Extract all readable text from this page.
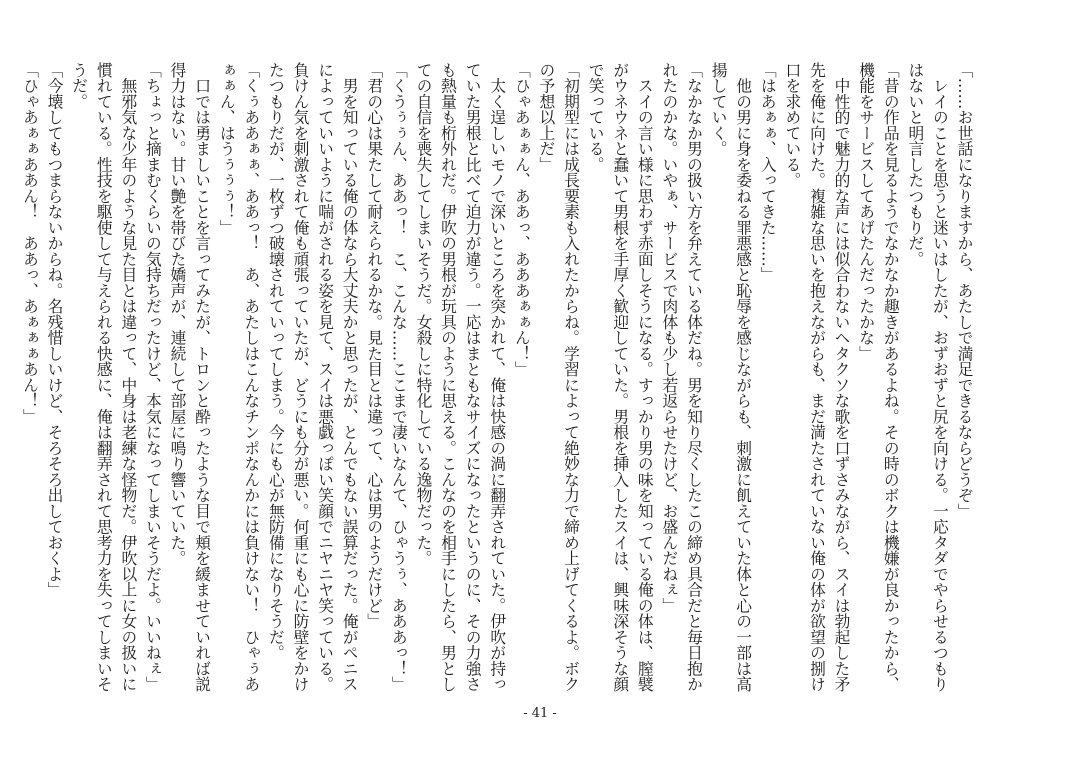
「……お世話になりますから、あたしで満足できるならどうぞ」

　レイのことを思うと迷いはしたが、おずおずと尻を向ける。一応タダでやらせるつもりはないと明言したつもりだ。

「昔の作品を見るようでなかなか趣きがあるよね。その時のボクは機嫌が良かったから、機能をサービスしてあげたんだったかな」

　中性的で魅力的な声には似合わないヘタクソな歌を口ずさみながら、スイは勃起した矛先を俺に向けた。複雑な思いを抱えながらも、まだ満たされていない俺の体が欲望の捌け口を求めている。

「はあぁぁ、入ってきた……」

　他の男に身を委ねる罪悪感と恥辱を感じながらも、刺激に飢えていた体と心の一部は高揚していく。

「なかなか男の扱い方を弁えている体だね。男を知り尽くしたこの締め具合だと毎日抱かれたのかな。いやぁ、サービスで肉体も少し若返らせたけど、お盛んだねぇ」

　スイの言い様に思わず赤面しそうになる。すっかり男の味を知っている俺の体は、膣襞がウネウネと蠢いて男根を手厚く歓迎していた。男根を挿入したスイは、興味深そうな顔で笑っている。

「初期型には成長要素も入れたからね。学習によって絶妙な力で締め上げてくるよ。ボクの予想以上だ」

「ひゃあぁぁん、ああっ、あああぁぁん！」

　太く逞しいモノで深いところを突かれて、俺は快感の渦に翻弄されていた。伊吹が持っていた男根と比べて迫力が違う。一応はまともなサイズになったというのに、その力強さも熱量も桁外れだ。伊吹の男根が玩具のように思える。こんなのを相手にしたら、男としての自信を喪失してしまいそうだ。女殺しに特化している逸物だった。

「くうぅぅん、ああっ！　こ、こんな……ここまで凄いなんて、ひゃうぅ、あああっ！」

「君の心は果たして耐えられるかな。見た目とは違って、心は男のようだけど」

　男を知っている俺の体なら大丈夫かと思ったが、とんでもない誤算だった。俺がペニスによっていいように喘がされる姿を見て、スイは悪戯っぽい笑顔でニヤニヤ笑っている。負けん気を刺激されて俺も頑張っていたが、どうにも分が悪い。何重にも心に防壁をかけたつもりだが、一枚ずつ破壊されていってしまう。今にも心が無防備になりそうだ。

「くぅああぁぁ、ああっ！　あ、あたしはこんなチンポなんかには負けない！　ひゃぅあぁぁん、はうぅぅぅ！」

　口では勇ましいことを言ってみたが、トロンと酔ったような目で頬を緩ませていれば説得力はない。甘い艶を帯びた嬌声が、連続して部屋に鳴り響いていた。

「ちょっと摘まむくらいの気持ちだったけど、本気になってしまいそうだよ。いいねぇ」

　無邪気な少年のような見た目とは違って、中身は老練な怪物だ。伊吹以上に女の扱いに慣れている。性技を駆使して与えられる快感に、俺は翻弄されて思考力を失ってしまいそうだ。

「今壊してもつまらないからね。名残惜しいけど、そろそろ出しておくよ」

「ひゃあぁぁああん！　ああっ、あぁぁぁあん！」

- 41 -
